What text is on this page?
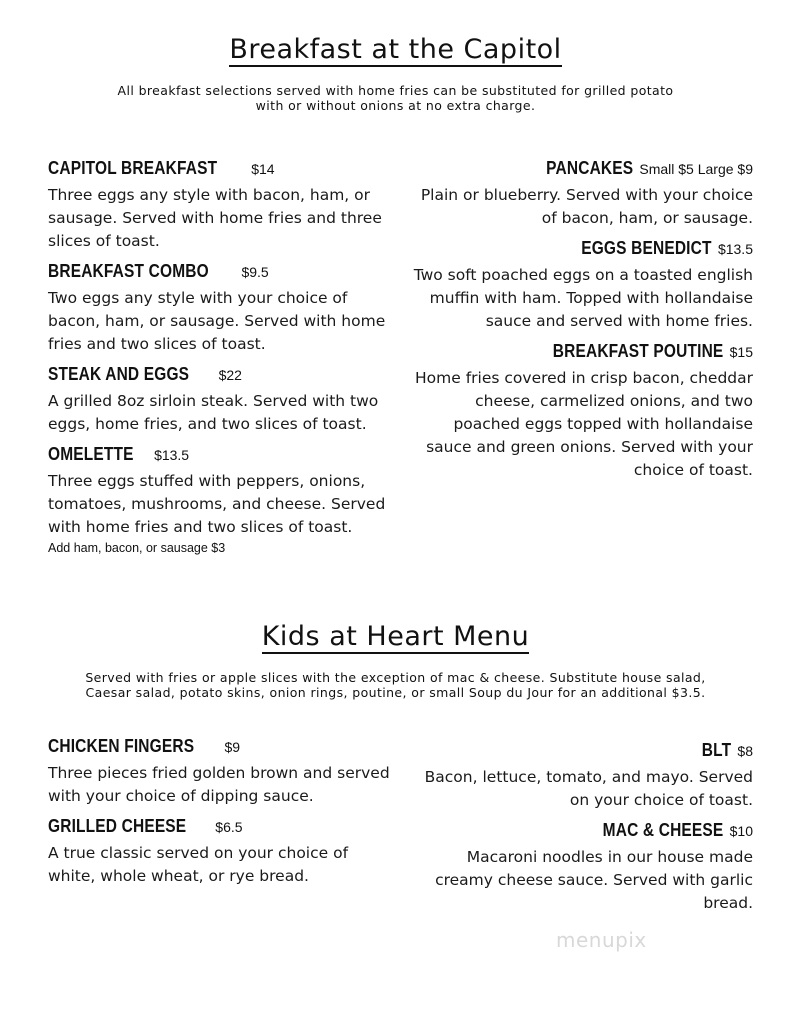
Breakfast at the Capitol

All breakfast selections served with home fries can be substituted for grilled potato
with or without onions at no extra charge.

CAPITOL BREAKFAST $14

Three eggs any style with bacon, ham, or sausage. Served with home fries and three slices of toast.

BREAKFAST COMBO $9.5

Two eggs any style with your choice of bacon, ham, or sausage. Served with home fries and two slices of toast.

STEAK AND EGGS $22

A grilled 8oz sirloin steak. Served with two eggs, home fries, and two slices of toast.

OMELETTE $13.5

Three eggs stuffed with peppers, onions, tomatoes, mushrooms, and cheese. Served with home fries and two slices of toast.

Add ham, bacon, or sausage $3
PANCAKES Small $5 Large $9

Plain or blueberry. Served with your choice of bacon, ham, or sausage.

EGGS BENEDICT $13.5

Two soft poached eggs on a toasted english muffin with ham. Topped with hollandaise sauce and served with home fries.

BREAKFAST POUTINE $15

Home fries covered in crisp bacon, cheddar cheese, carmelized onions, and two poached eggs topped with hollandaise sauce and green onions. Served with your choice of toast.

Kids at Heart Menu

Served with fries or apple slices with the exception of mac & cheese. Substitute house salad,
Caesar salad, potato skins, onion rings, poutine, or small Soup du Jour for an additional $3.5.

CHICKEN FINGERS $9

Three pieces fried golden brown and served with your choice of dipping sauce.

GRILLED CHEESE $6.5

A true classic served on your choice of white, whole wheat, or rye bread.

BLT $8

Bacon, lettuce, tomato, and mayo. Served on your choice of toast.

MAC & CHEESE $10

Macaroni noodles in our house made creamy cheese sauce. Served with garlic bread.

menupix
